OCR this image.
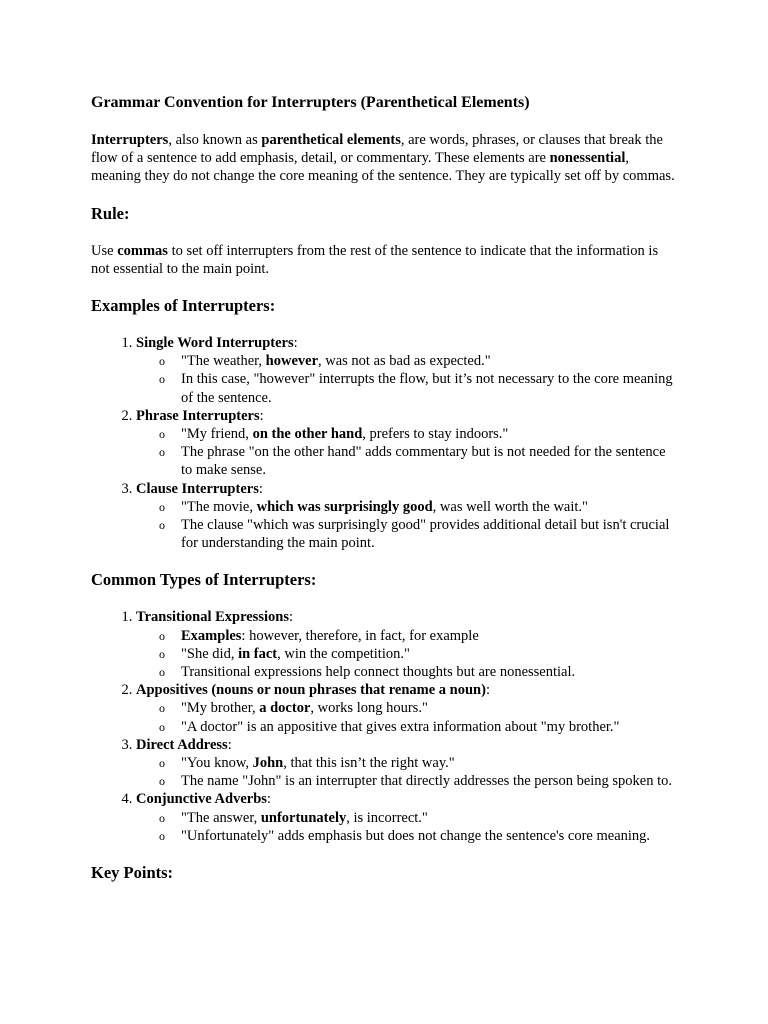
Grammar Convention for Interrupters (Parenthetical Elements)

Interrupters, also known as parenthetical elements, are words, phrases, or clauses that break the flow of a sentence to add emphasis, detail, or commentary. These elements are nonessential, meaning they do not change the core meaning of the sentence. They are typically set off by commas.

Rule:

Use commas to set off interrupters from the rest of the sentence to indicate that the information is not essential to the main point.

Examples of Interrupters:
1. Single Word Interrupters:
o "The weather, however, was not as bad as expected."
o In this case, "however" interrupts the flow, but it’s not necessary to the core meaning of the sentence.
2. Phrase Interrupters:
o "My friend, on the other hand, prefers to stay indoors."
o The phrase "on the other hand" adds commentary but is not needed for the sentence to make sense.
3. Clause Interrupters:
o "The movie, which was surprisingly good, was well worth the wait."
o The clause "which was surprisingly good" provides additional detail but isn't crucial for understanding the main point.
Common Types of Interrupters:
1. Transitional Expressions:
o Examples: however, therefore, in fact, for example
o "She did, in fact, win the competition."
o Transitional expressions help connect thoughts but are nonessential.
2. Appositives (nouns or noun phrases that rename a noun):
o "My brother, a doctor, works long hours."
o "A doctor" is an appositive that gives extra information about "my brother."
3. Direct Address:
o "You know, John, that this isn’t the right way."
o The name "John" is an interrupter that directly addresses the person being spoken to.
4. Conjunctive Adverbs:
o "The answer, unfortunately, is incorrect."
o "Unfortunately" adds emphasis but does not change the sentence's core meaning.
Key Points:
